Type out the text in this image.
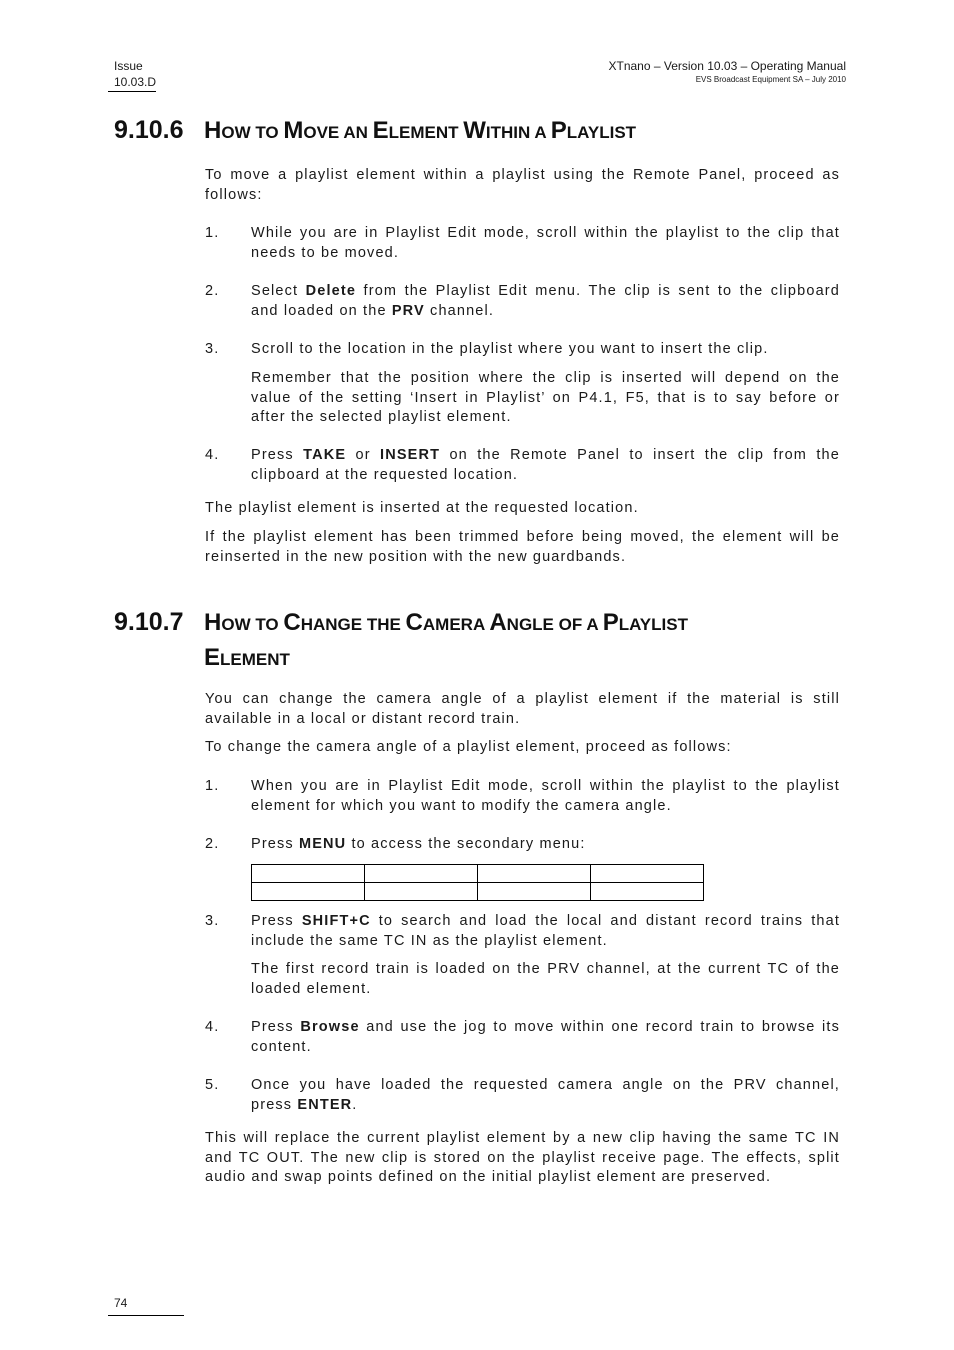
Issue
10.03.D
XTnano – Version 10.03 – Operating Manual
EVS Broadcast Equipment SA – July 2010
9.10.6 HOW TO MOVE AN ELEMENT WITHIN A PLAYLIST
To move a playlist element within a playlist using the Remote Panel, proceed as follows:
1. While you are in Playlist Edit mode, scroll within the playlist to the clip that needs to be moved.
2. Select Delete from the Playlist Edit menu. The clip is sent to the clipboard and loaded on the PRV channel.
3. Scroll to the location in the playlist where you want to insert the clip.
Remember that the position where the clip is inserted will depend on the value of the setting ‘Insert in Playlist’ on P4.1, F5, that is to say before or after the selected playlist element.
4. Press TAKE or INSERT on the Remote Panel to insert the clip from the clipboard at the requested location.
The playlist element is inserted at the requested location.
If the playlist element has been trimmed before being moved, the element will be reinserted in the new position with the new guardbands.
9.10.7 HOW TO CHANGE THE CAMERA ANGLE OF A PLAYLIST
ELEMENT
You can change the camera angle of a playlist element if the material is still available in a local or distant record train.
To change the camera angle of a playlist element, proceed as follows:
1. When you are in Playlist Edit mode, scroll within the playlist to the playlist element for which you want to modify the camera angle.
2. Press MENU to access the secondary menu:

3. Press SHIFT+C to search and load the local and distant record trains that include the same TC IN as the playlist element.
The first record train is loaded on the PRV channel, at the current TC of the loaded element.
4. Press Browse and use the jog to move within one record train to browse its content.
5. Once you have loaded the requested camera angle on the PRV channel, press ENTER.
This will replace the current playlist element by a new clip having the same TC IN and TC OUT. The new clip is stored on the playlist receive page. The effects, split audio and swap points defined on the initial playlist element are preserved.
74
